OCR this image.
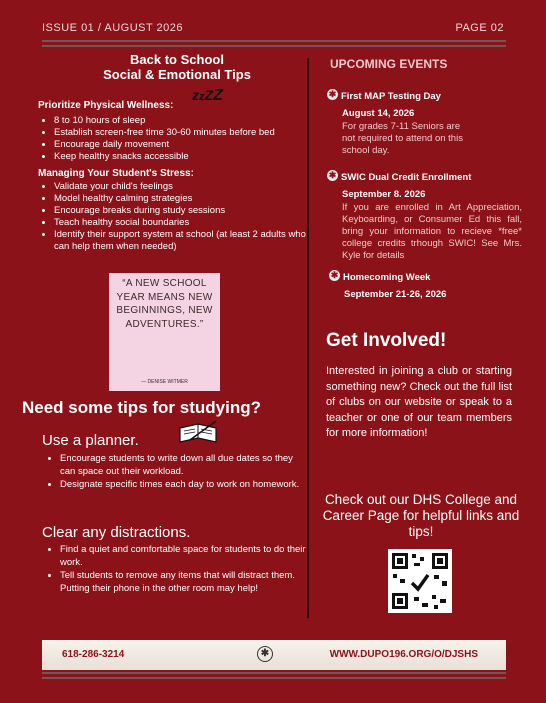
ISSUE 01 / AUGUST 2026	PAGE 02
Back to School
Social & Emotional Tips
Prioritize Physical Wellness:
zzZZ
• 8 to 10 hours of sleep
• Establish screen-free time 30-60 minutes before bed
• Encourage daily movement
• Keep healthy snacks accessible
Managing Your Student's Stress:
• Validate your child's feelings
• Model healthy calming strategies
• Encourage breaks during study sessions
• Teach healthy social boundaries
• Identify their support system at school (at least 2 adults who can help them when needed)
“A NEW SCHOOL YEAR MEANS NEW BEGINNINGS, NEW ADVENTURES.”
— DENISE WITMER
Need some tips for studying?
Use a planner.
• Encourage students to write down all due dates so they can space out their workload.
• Designate specific times each day to work on homework.
Clear any distractions.
• Find a quiet and comfortable space for students to do their work.
• Tell students to remove any items that will distract them. Putting their phone in the other room may help!
UPCOMING EVENTS
✱ First MAP Testing Day
August 14, 2026
For grades 7-11 Seniors are not required to attend on this school day.
✱ SWIC Dual Credit Enrollment
September 8. 2026
If you are enrolled in Art Appreciation, Keyboarding, or Consumer Ed this fall, bring your information to recieve *free* college credits trhough SWIC! See Mrs. Kyle for details
✱ Homecoming Week
September 21-26, 2026
Get Involved!
Interested in joining a club or starting something new? Check out the full list of clubs on our website or speak to a teacher or one of our team members for more information!
Check out our DHS College and Career Page for helpful links and tips!
618-286-3214	✱	WWW.DUPO196.ORG/O/DJSHS
